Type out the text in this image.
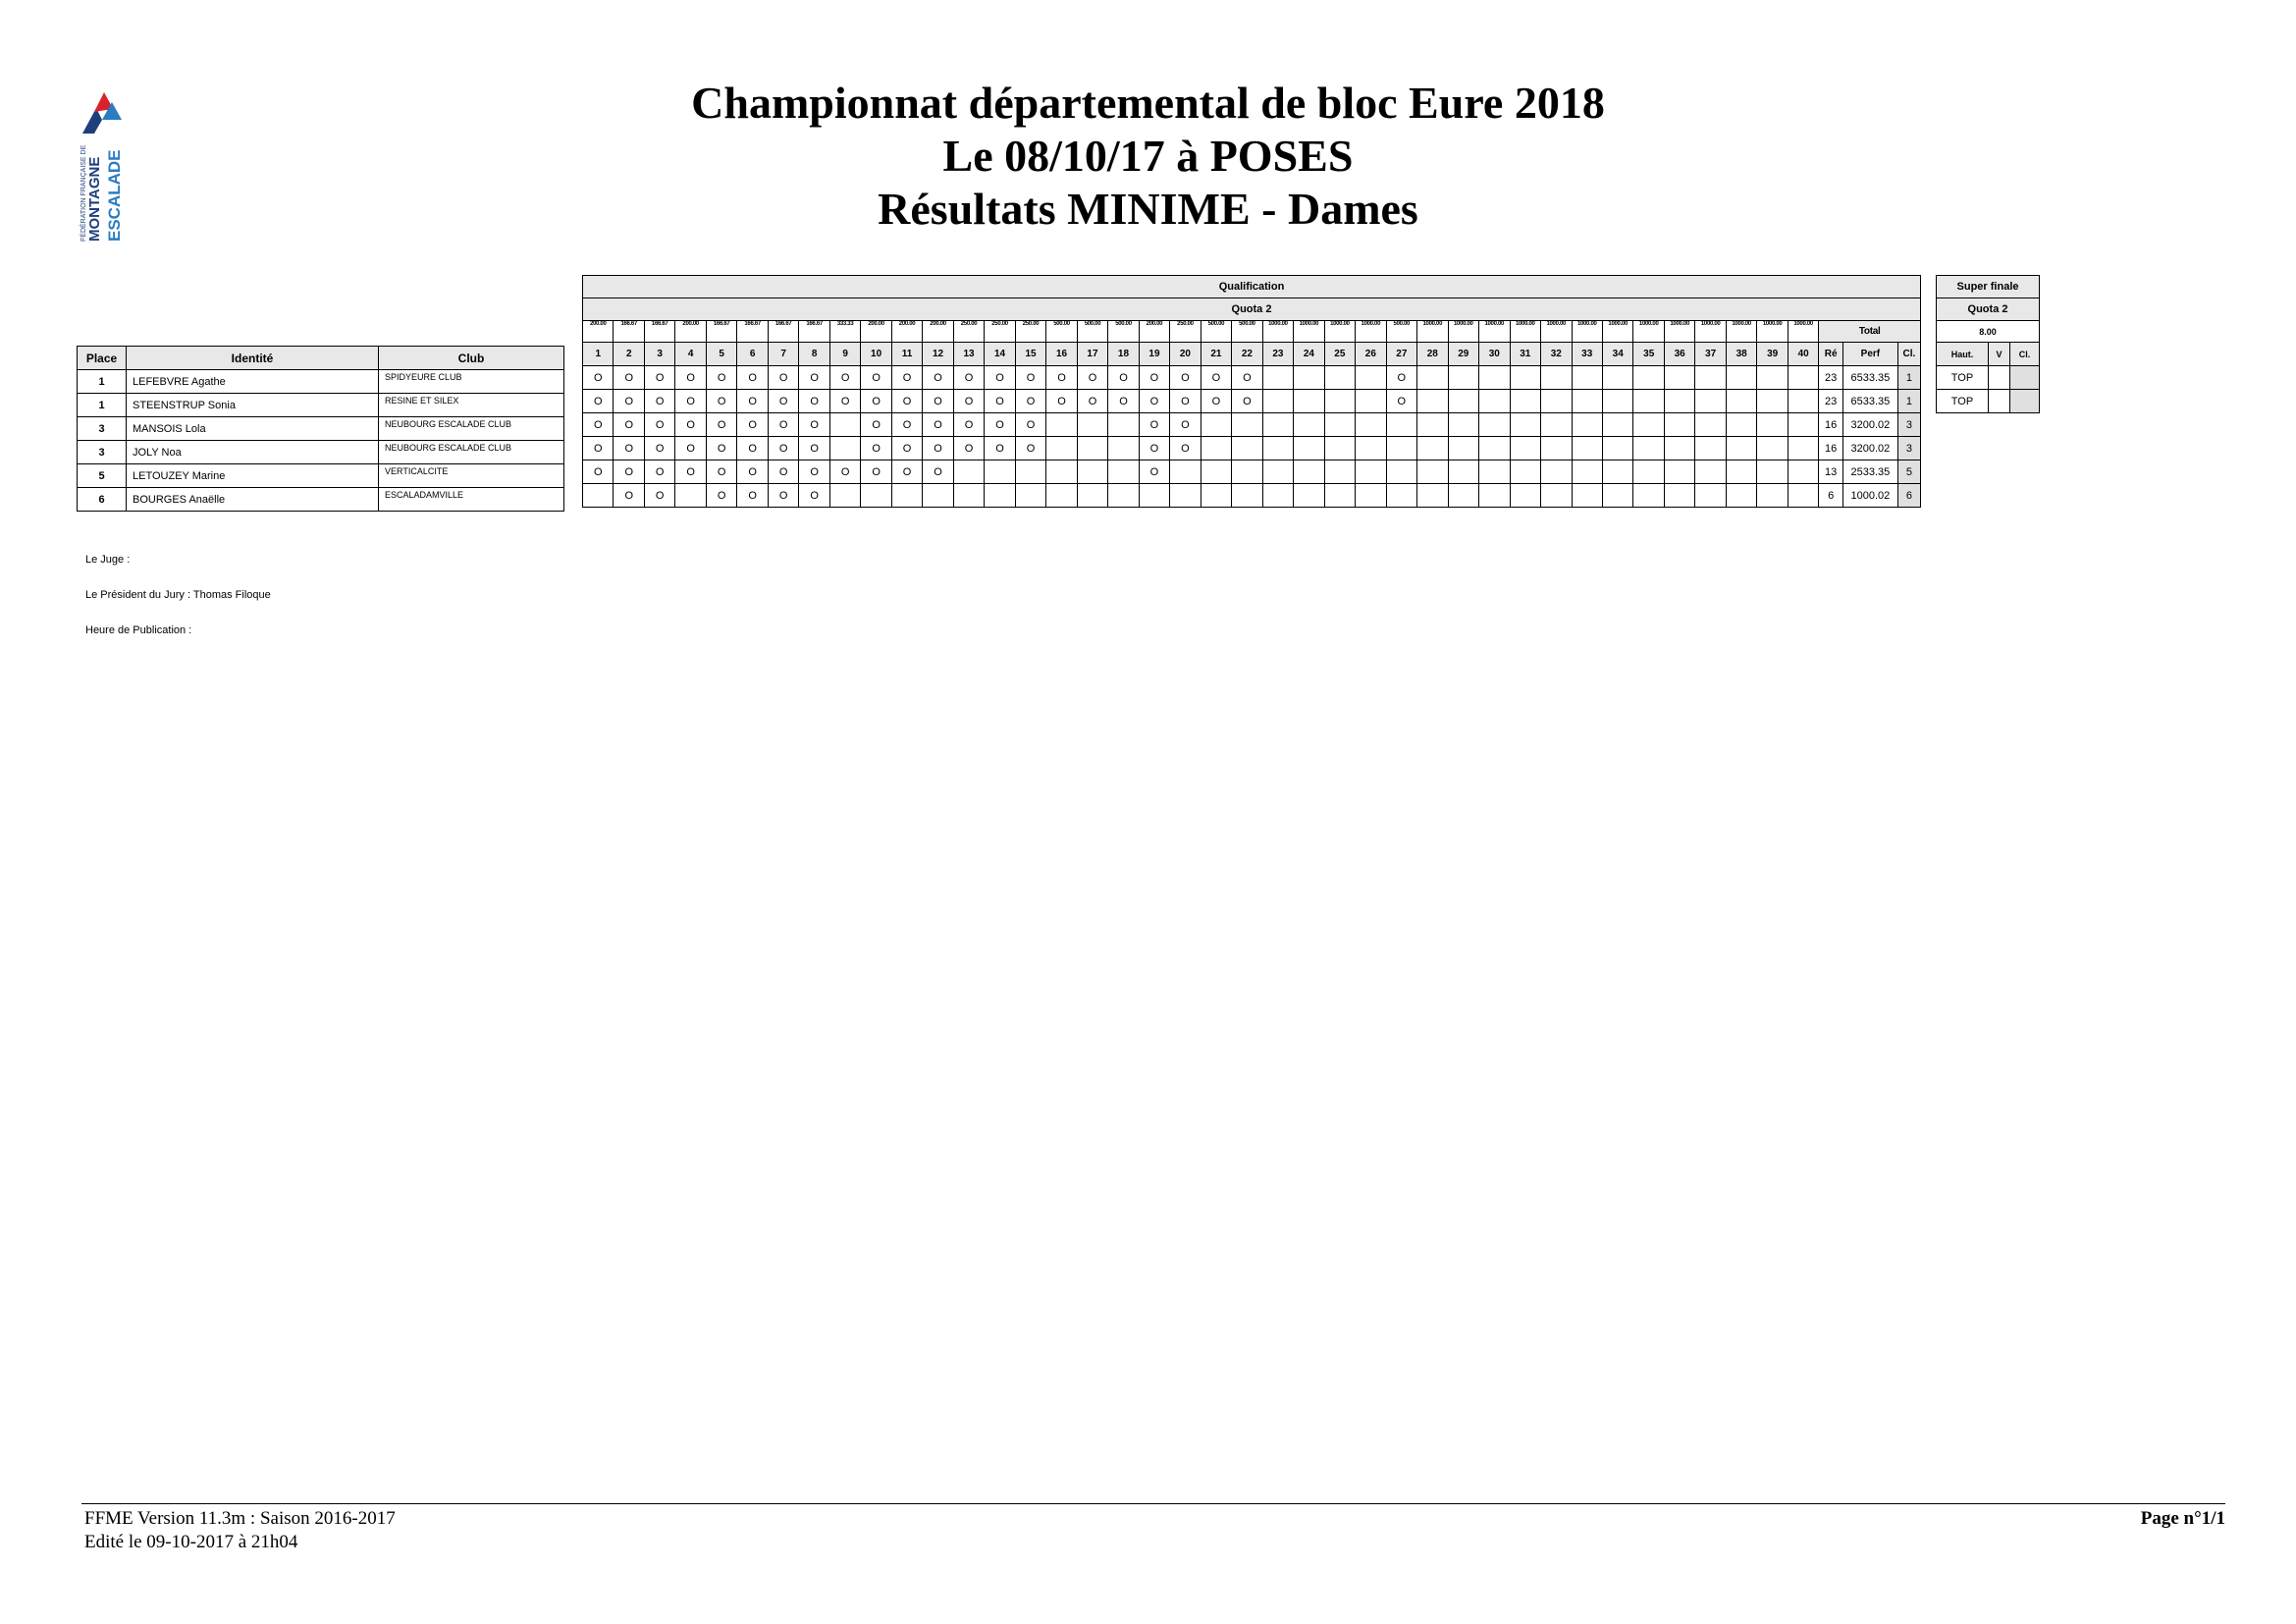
FÉDÉRATION FRANÇAISE DE MONTAGNE ESCALADE
Championnat départemental de bloc Eure 2018
Le 08/10/17 à POSES
Résultats MINIME - Dames
Place	Identité	Club
1	LEFEBVRE Agathe	SPIDYEURE CLUB
1	STEENSTRUP Sonia	RESINE ET SILEX
3	MANSOIS Lola	NEUBOURG ESCALADE CLUB
3	JOLY Noa	NEUBOURG ESCALADE CLUB
5	LETOUZEY Marine	VERTICALCITE
6	BOURGES Anaëlle	ESCALADAMVILLE
Qualification																																										
Quota 2																																										
200.00	166.67	166.67	200.00	166.67	166.67	166.67	166.67	333.33	200.00	200.00	200.00	250.00	250.00	250.00	500.00	500.00	500.00	200.00	250.00	500.00	500.00	1000.00	1000.00	1000.00	1000.00	500.00	1000.00	1000.00	1000.00	1000.00	1000.00	1000.00	1000.00	1000.00	1000.00	1000.00	1000.00	1000.00	1000.00	Total		
1	2	3	4	5	6	7	8	9	10	11	12	13	14	15	16	17	18	19	20	21	22	23	24	25	26	27	28	29	30	31	32	33	34	35	36	37	38	39	40	Ré	Perf	Cl.
O	O	O	O	O	O	O	O	O	O	O	O	O	O	O	O	O	O	O	O	O	O					O														23	6533.35	1
O	O	O	O	O	O	O	O	O	O	O	O	O	O	O	O	O	O	O	O	O	O					O														23	6533.35	1
O	O	O	O	O	O	O	O		O	O	O	O	O	O				O	O																					16	3200.02	3
O	O	O	O	O	O	O	O		O	O	O	O	O	O				O	O																					16	3200.02	3
O	O	O	O	O	O	O	O	O	O	O	O							O																						13	2533.35	5
	O	O		O	O	O	O																																	6	1000.02	6
Super finale		
Quota 2		
8.00		
Haut.	V	Cl.
TOP		
TOP		
Le Juge :
Le Président du Jury : Thomas Filoque
Heure de Publication :
FFME Version 11.3m : Saison 2016-2017
Edité le 09-10-2017 à 21h04
Page n°1/1
